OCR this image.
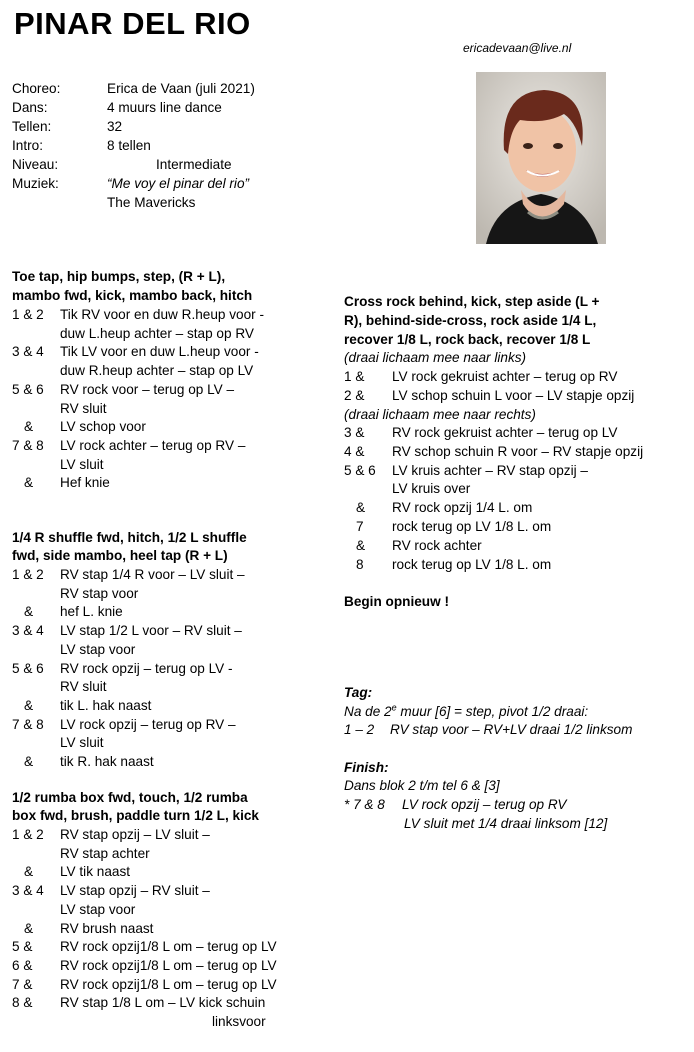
PINAR DEL RIO
ericadevaan@live.nl
Choreo:	Erica de Vaan (juli 2021)
Dans:	4 muurs line dance
Tellen:	32
Intro:	8 tellen
Niveau:	Intermediate
Muziek:	“Me voy el pinar del rio”
The Mavericks
Toe tap, hip bumps, step, (R + L),
mambo fwd, kick, mambo back, hitch
1 & 2 Tik RV voor en duw R.heup voor -
duw L.heup achter – stap op RV
3 & 4 Tik LV voor en duw L.heup voor -
duw R.heup achter – stap op LV
5 & 6 RV rock voor – terug op LV –
RV sluit
& LV schop voor
7 & 8 LV rock achter – terug op RV –
LV sluit
& Hef knie
1/4 R shuffle fwd, hitch, 1/2 L shuffle
fwd, side mambo, heel tap (R + L)
1 & 2 RV stap 1/4 R voor – LV sluit –
RV stap voor
& hef L. knie
3 & 4 LV stap 1/2 L voor – RV sluit –
LV stap voor
5 & 6 RV rock opzij – terug op LV -
RV sluit
& tik L. hak naast
7 & 8 LV rock opzij – terug op RV –
LV sluit
& tik R. hak naast
1/2 rumba box fwd, touch, 1/2 rumba
box fwd, brush, paddle turn 1/2 L, kick
1 & 2 RV stap opzij – LV sluit –
RV stap achter
& LV tik naast
3 & 4 LV stap opzij – RV sluit –
LV stap voor
& RV brush naast
5 & RV rock opzij1/8 L om – terug op LV
6 & RV rock opzij1/8 L om – terug op LV
7 & RV rock opzij1/8 L om – terug op LV
8 & RV stap 1/8 L om – LV kick schuin
linksvoor
Cross rock behind, kick, step aside (L +
R), behind-side-cross, rock aside 1/4 L,
recover 1/8 L, rock back, recover 1/8 L
(draai lichaam mee naar links)
1 & LV rock gekruist achter – terug op RV
2 & LV schop schuin L voor – LV stapje opzij
(draai lichaam mee naar rechts)
3 & RV rock gekruist achter – terug op LV
4 & RV schop schuin R voor – RV stapje opzij
5 & 6 LV kruis achter – RV stap opzij –
LV kruis over
& RV rock opzij 1/4 L. om
7 rock terug op LV 1/8 L. om
& RV rock achter
8 rock terug op LV 1/8 L. om
Begin opnieuw !
Tag:
Na de 2e muur [6] = step, pivot 1/2 draai:
1 – 2 RV stap voor – RV+LV draai 1/2 linksom
Finish:
Dans blok 2 t/m tel 6 & [3]
* 7 & 8 LV rock opzij – terug op RV
LV sluit met 1/4 draai linksom [12]
